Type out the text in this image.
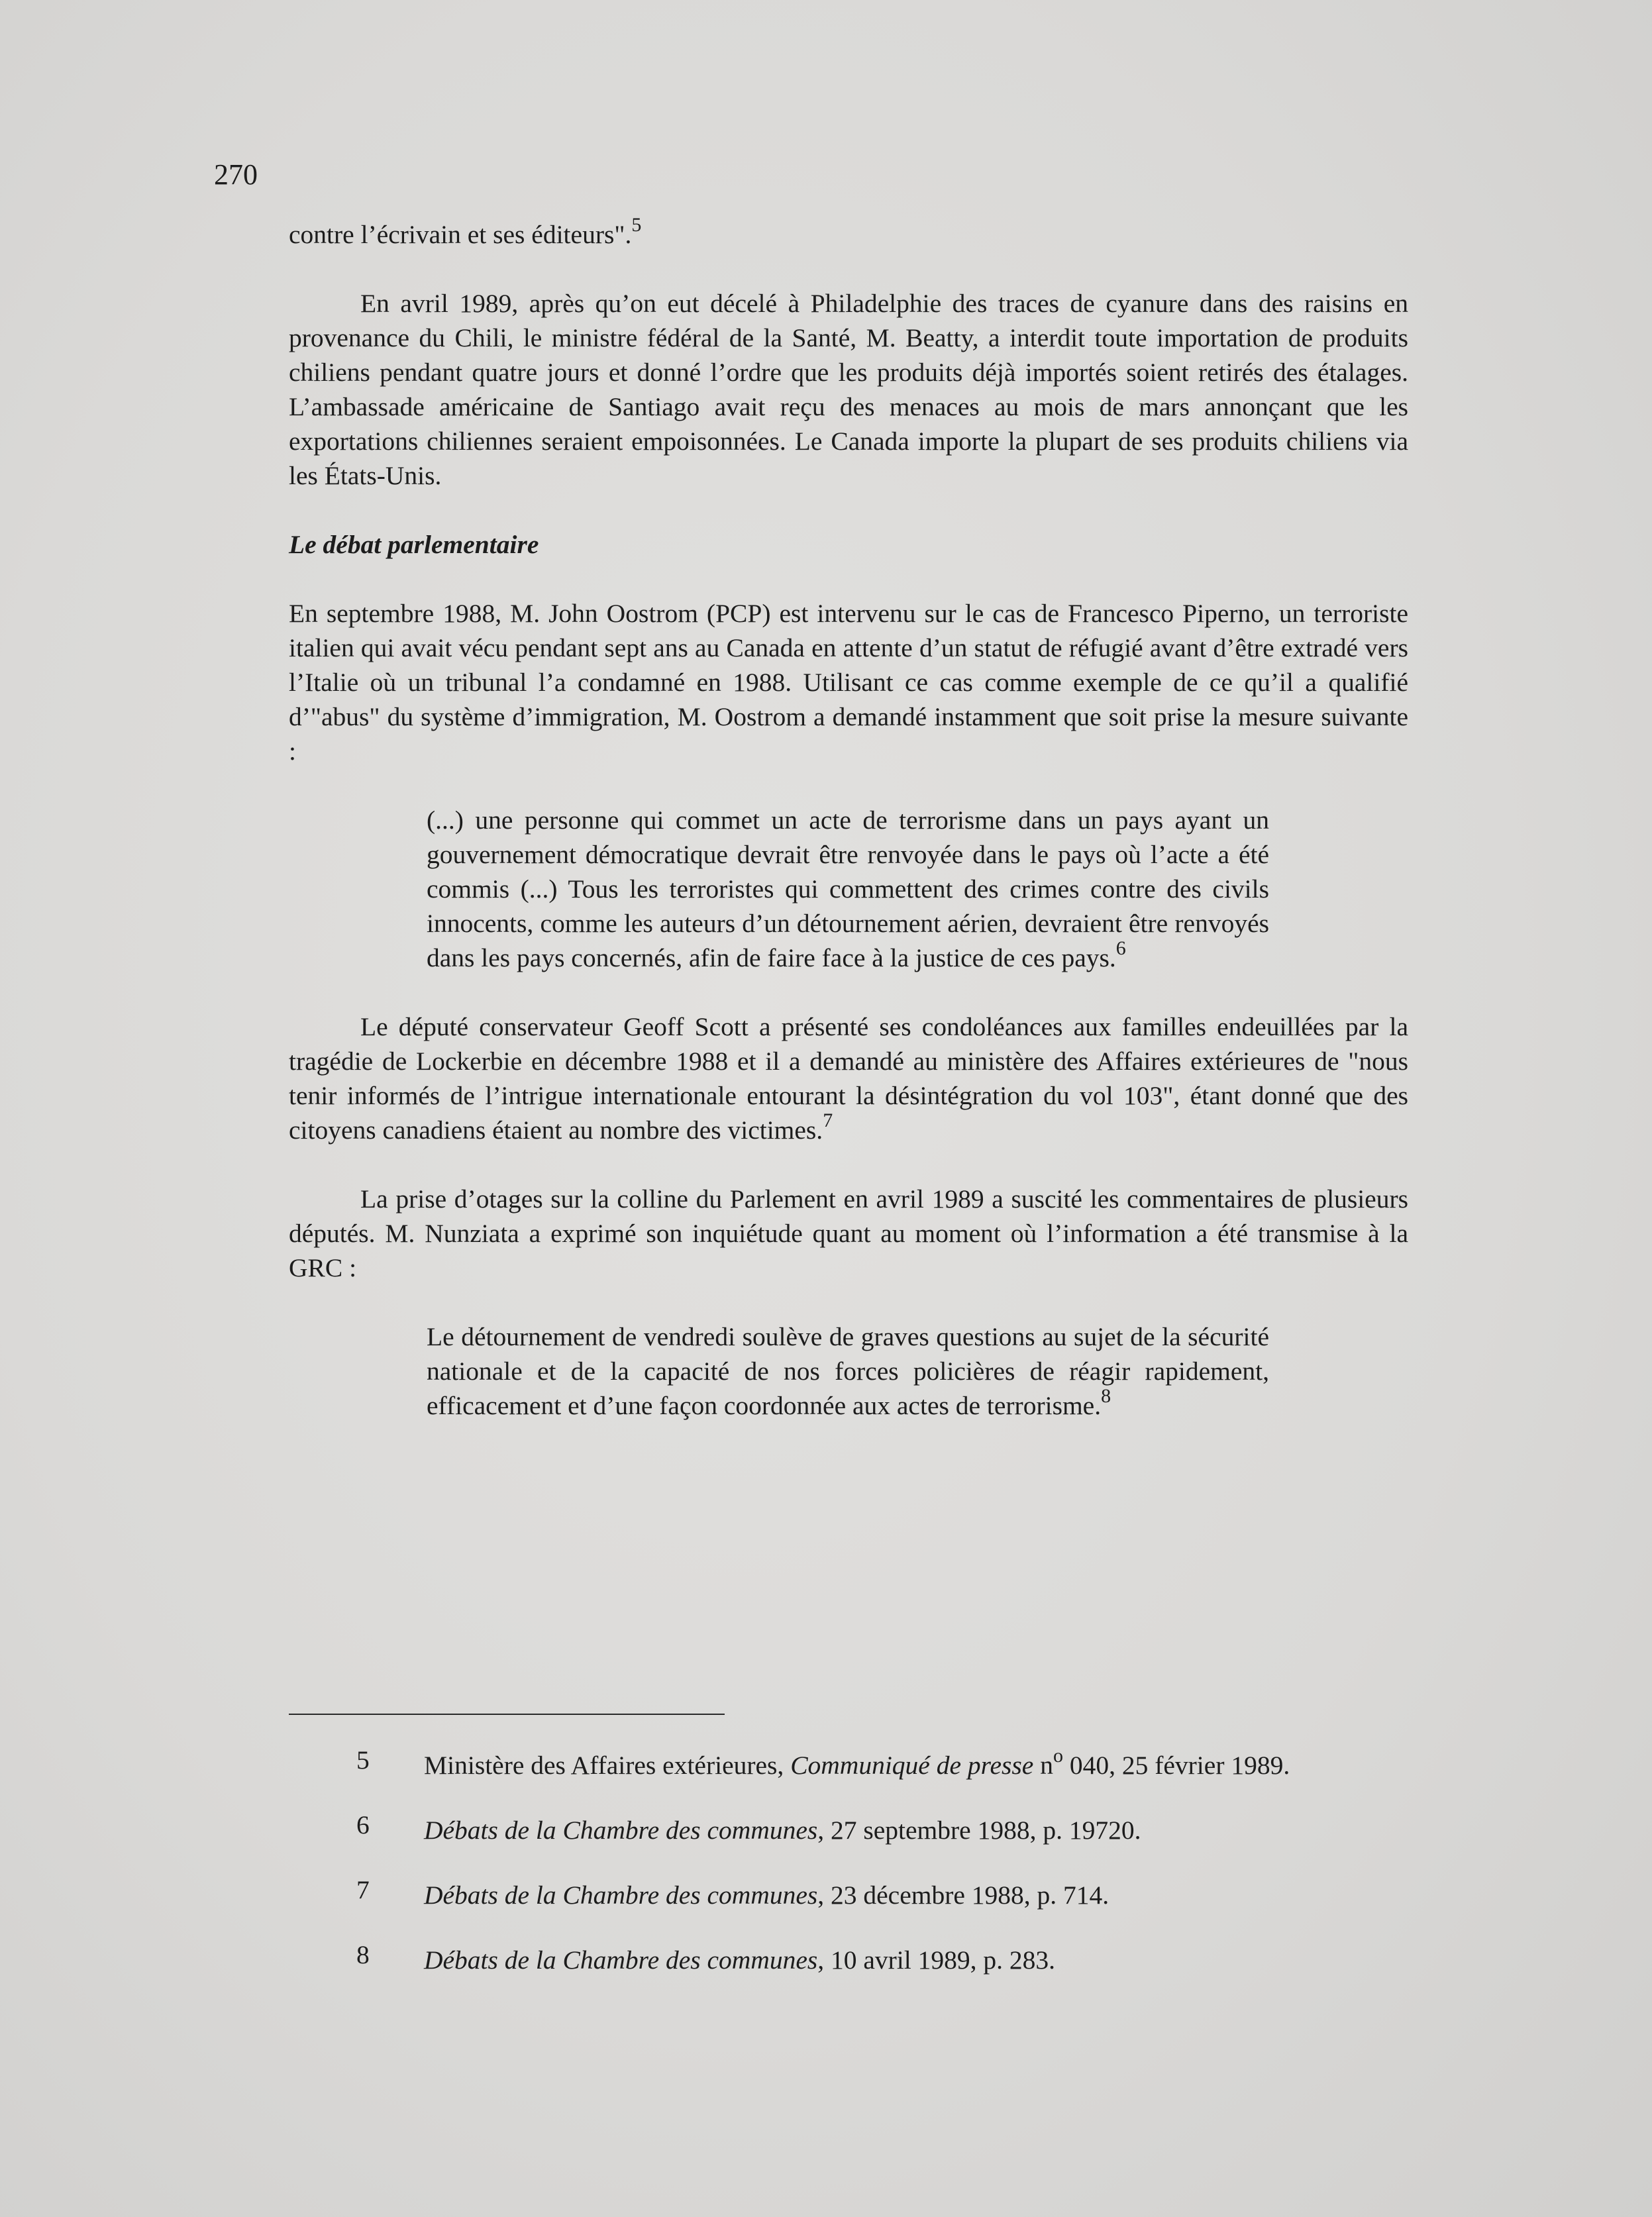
270

contre l’écrivain et ses éditeurs".$^5$

En avril 1989, après qu’on eut décelé à Philadelphie des traces de cyanure dans des raisins en provenance du Chili, le ministre fédéral de la Santé, M. Beatty, a interdit toute importation de produits chiliens pendant quatre jours et donné l’ordre que les produits déjà importés soient retirés des étalages. L’ambassade américaine de Santiago avait reçu des menaces au mois de mars annonçant que les exportations chiliennes seraient empoisonnées. Le Canada importe la plupart de ses produits chiliens via les États-Unis.

Le débat parlementaire

En septembre 1988, M. John Oostrom (PCP) est intervenu sur le cas de Francesco Piperno, un terroriste italien qui avait vécu pendant sept ans au Canada en attente d’un statut de réfugié avant d’être extradé vers l’Italie où un tribunal l’a condamné en 1988. Utilisant ce cas comme exemple de ce qu’il a qualifié d’"abus" du système d’immigration, M. Oostrom a demandé instamment que soit prise la mesure suivante :

(...) une personne qui commet un acte de terrorisme dans un pays ayant un gouvernement démocratique devrait être renvoyée dans le pays où l’acte a été commis (...) Tous les terroristes qui commettent des crimes contre des civils innocents, comme les auteurs d’un détournement aérien, devraient être renvoyés dans les pays concernés, afin de faire face à la justice de ces pays.$^6$

Le député conservateur Geoff Scott a présenté ses condoléances aux familles endeuillées par la tragédie de Lockerbie en décembre 1988 et il a demandé au ministère des Affaires extérieures de "nous tenir informés de l’intrigue internationale entourant la désintégration du vol 103", étant donné que des citoyens canadiens étaient au nombre des victimes.$^7$

La prise d’otages sur la colline du Parlement en avril 1989 a suscité les commentaires de plusieurs députés. M. Nunziata a exprimé son inquiétude quant au moment où l’information a été transmise à la GRC :

Le détournement de vendredi soulève de graves questions au sujet de la sécurité nationale et de la capacité de nos forces policières de réagir rapidement, efficacement et d’une façon coordonnée aux actes de terrorisme.$^8$

5 Ministère des Affaires extérieures, Communiqué de presse $n^o$ 040, 25 février 1989.
6 Débats de la Chambre des communes, 27 septembre 1988, p. 19720.
7 Débats de la Chambre des communes, 23 décembre 1988, p. 714.
8 Débats de la Chambre des communes, 10 avril 1989, p. 283.
